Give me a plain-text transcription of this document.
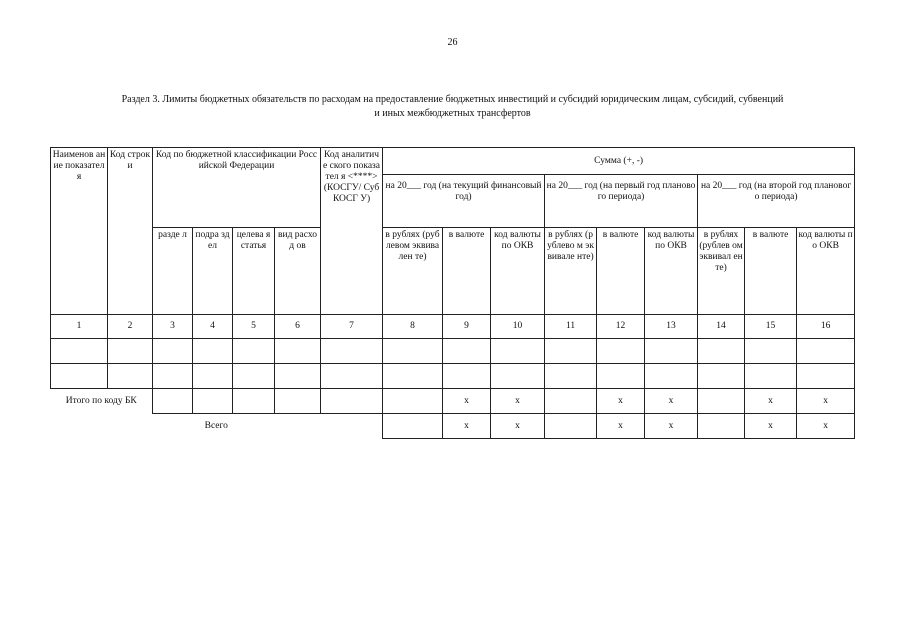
26
Раздел 3. Лимиты бюджетных обязательств по расходам на предоставление бюджетных инвестиций и субсидий юридическим лицам, субсидий, субвенций
и иных межбюджетных трансфертов
Наименов ание показател я	Код строки	Код по бюджетной классификации Российской Федерации				Код аналитиче ского показател я <****> (КОСГУ/ СубКОСГ У)	Сумма (+, -)								
							на 20___ год (на текущий финансовый год)			на 20___ год (на первый год планового периода)			на 20___ год (на второй год планового периода)		
		разде л	подра здел	целева я статья	вид расход ов		в рублях (рублевом эквивален те)	в валюте	код валюты по ОКВ	в рублях (рублево м эквивале нте)	в валюте	код валюты по ОКВ	в рублях (рублев ом эквивал енте)	в валюте	код валюты по ОКВ
1	2	3	4	5	6	7	8	9	10	11	12	13	14	15	16

Итого по коду БК								x	x		x	x		x	x
Всего								x	x		x	x		x	x
